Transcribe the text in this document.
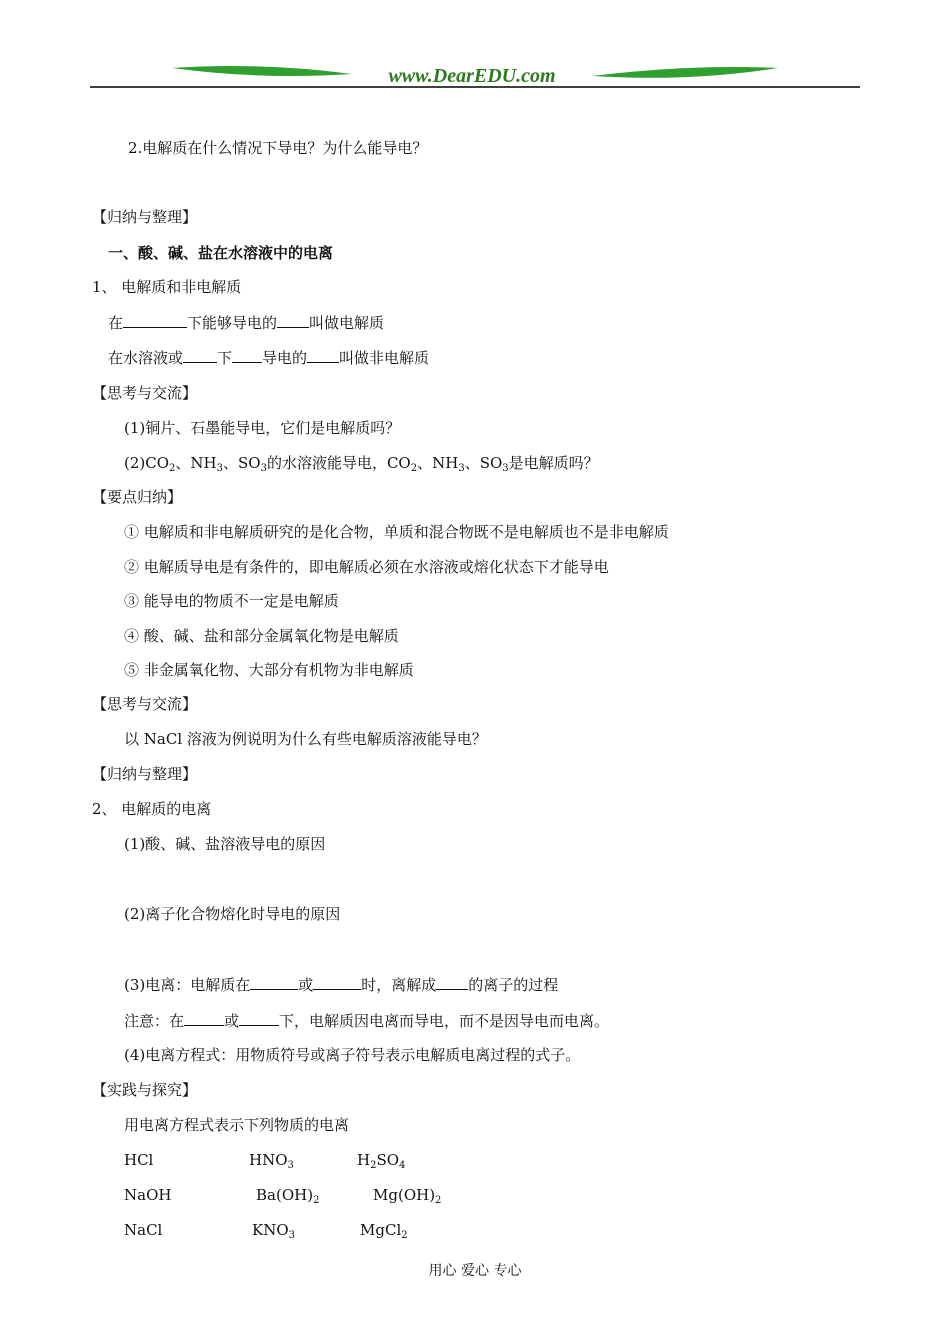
www.DearEDU.com
2.电解质在什么情况下导电？为什么能导电？
【归纳与整理】
一、酸、碱、盐在水溶液中的电离
1、 电解质和非电解质
在	下能够导电的 叫做电解质
在水溶液或 下 导电的 叫做非电解质
【思考与交流】
(1)铜片、石墨能导电，它们是电解质吗？
$(2)CO_2$、$NH_3$、$SO_3$的水溶液能导电，$CO_2$、$NH_3$、$SO_3$是电解质吗？
【要点归纳】
① 电解质和非电解质研究的是化合物，单质和混合物既不是电解质也不是非电解质
② 电解质导电是有条件的，即电解质必须在水溶液或熔化状态下才能导电
③ 能导电的物质不一定是电解质
④ 酸、碱、盐和部分金属氧化物是电解质
⑤ 非金属氧化物、大部分有机物为非电解质
【思考与交流】
以 NaCl 溶液为例说明为什么有些电解质溶液能导电？
【归纳与整理】
2、 电解质的电离
(1)酸、碱、盐溶液导电的原因
(2)离子化合物熔化时导电的原因
(3)电离：电解质在	或	时，离解成 的离子的过程
注意：在	或	下，电解质因电离而导电，而不是因导电而电离。
(4)电离方程式：用物质符号或离子符号表示电解质电离过程的式子。
【实践与探究】
用电离方程式表示下列物质的电离
HCl	$HNO_3$	$H_2SO_4$
NaOH	$Ba(OH)_2$	$Mg(OH)_2$
NaCl	$KNO_3$	MgCl$_2$
用心 爱心 专心
